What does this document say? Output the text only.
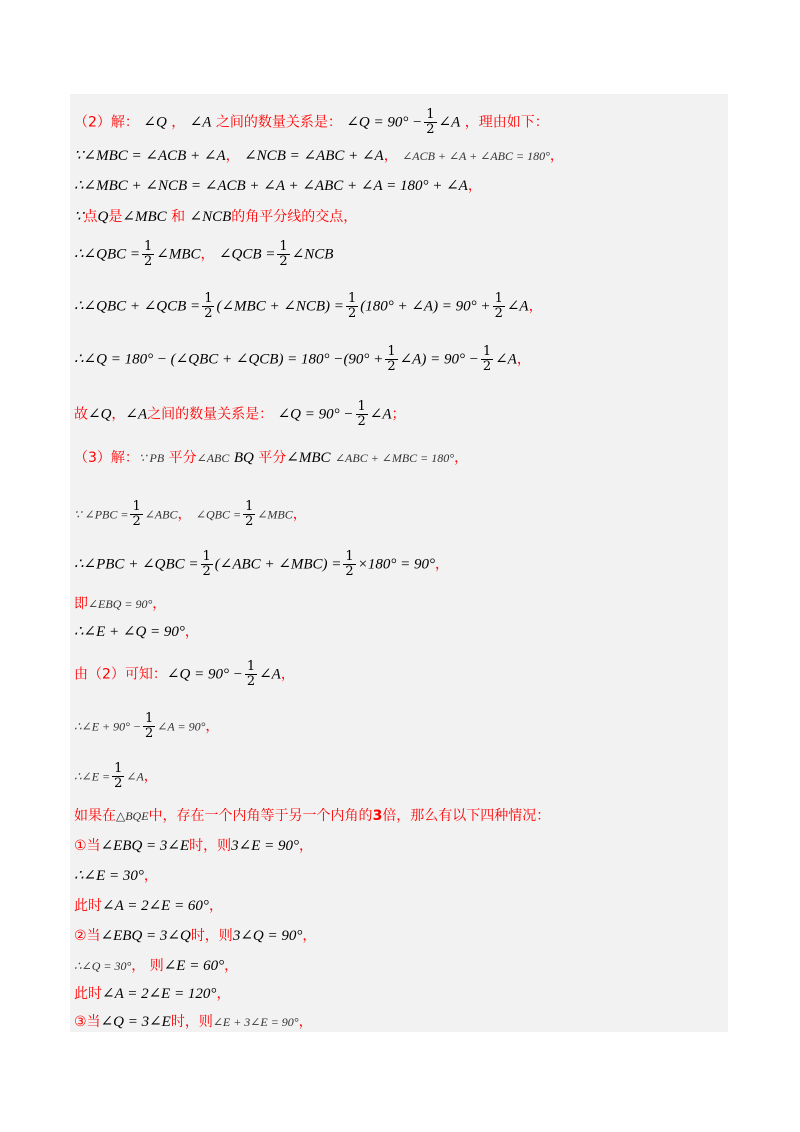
（2）解： ∠Q ， ∠A 之间的数量关系是： ∠Q = $90^\circ - \frac{1}{2}$ ∠A ，理由如下：
∵∠MBC = ∠ACB + ∠A， ∠NCB = ∠ABC + ∠A， ∠ACB + ∠A + ∠ABC = 180°，
∴∠MBC + ∠NCB = ∠ACB + ∠A + ∠ABC + ∠A = 180° + ∠A，
∵点Q是∠MBC 和 ∠NCB的角平分线的交点，
∴∠QBC = $\frac{1}{2}$ ∠MBC， ∠QCB = $\frac{1}{2}$ ∠NCB
∴∠QBC + ∠QCB = $\frac{1}{2}$ (∠MBC + ∠NCB) = $\frac{1}{2} (180^\circ$ + ∠A) = $90^\circ + \frac{1}{2}$ ∠A，
∴∠Q = 180° − (∠QBC + ∠QCB) = $180^\circ -(90^\circ + \frac{1}{2}$ ∠A) = $90^\circ - \frac{1}{2}$ ∠A，
故∠Q，∠A之间的数量关系是： ∠Q = $90^\circ - \frac{1}{2}$ ∠A；
（3）解：∵ PB 平分∠ABC BQ 平分∠MBC ∠ABC + ∠MBC = 180°，
∵ ∠PBC = $\frac{1}{2}$ ∠ABC， ∠QBC = $\frac{1}{2}$ ∠MBC，
∴∠PBC + ∠QBC = $\frac{1}{2}$ (∠ABC + ∠MBC) = $\frac{1}{2} \times 180^\circ = 90^\circ$，
即∠EBQ = 90°，
∴∠E + ∠Q = 90°，
由（2）可知：∠Q = $90^\circ - \frac{1}{2}$ ∠A，
∴∠E + $90^\circ - \frac{1}{2}$ ∠A = 90°，
∴∠E = $\frac{1}{2}$ ∠A，
如果在△BQE中，存在一个内角等于另一个内角的3倍，那么有以下四种情况：
①当∠EBQ = 3∠E时，则3∠E = 90°，
∴∠E = 30°，
此时∠A = 2∠E = 60°，
②当∠EBQ = 3∠Q时，则3∠Q = 90°，
∴∠Q = 30°， 则∠E = 60°，
此时∠A = 2∠E = 120°，
③当∠Q = 3∠E时，则∠E + 3∠E = 90°，
